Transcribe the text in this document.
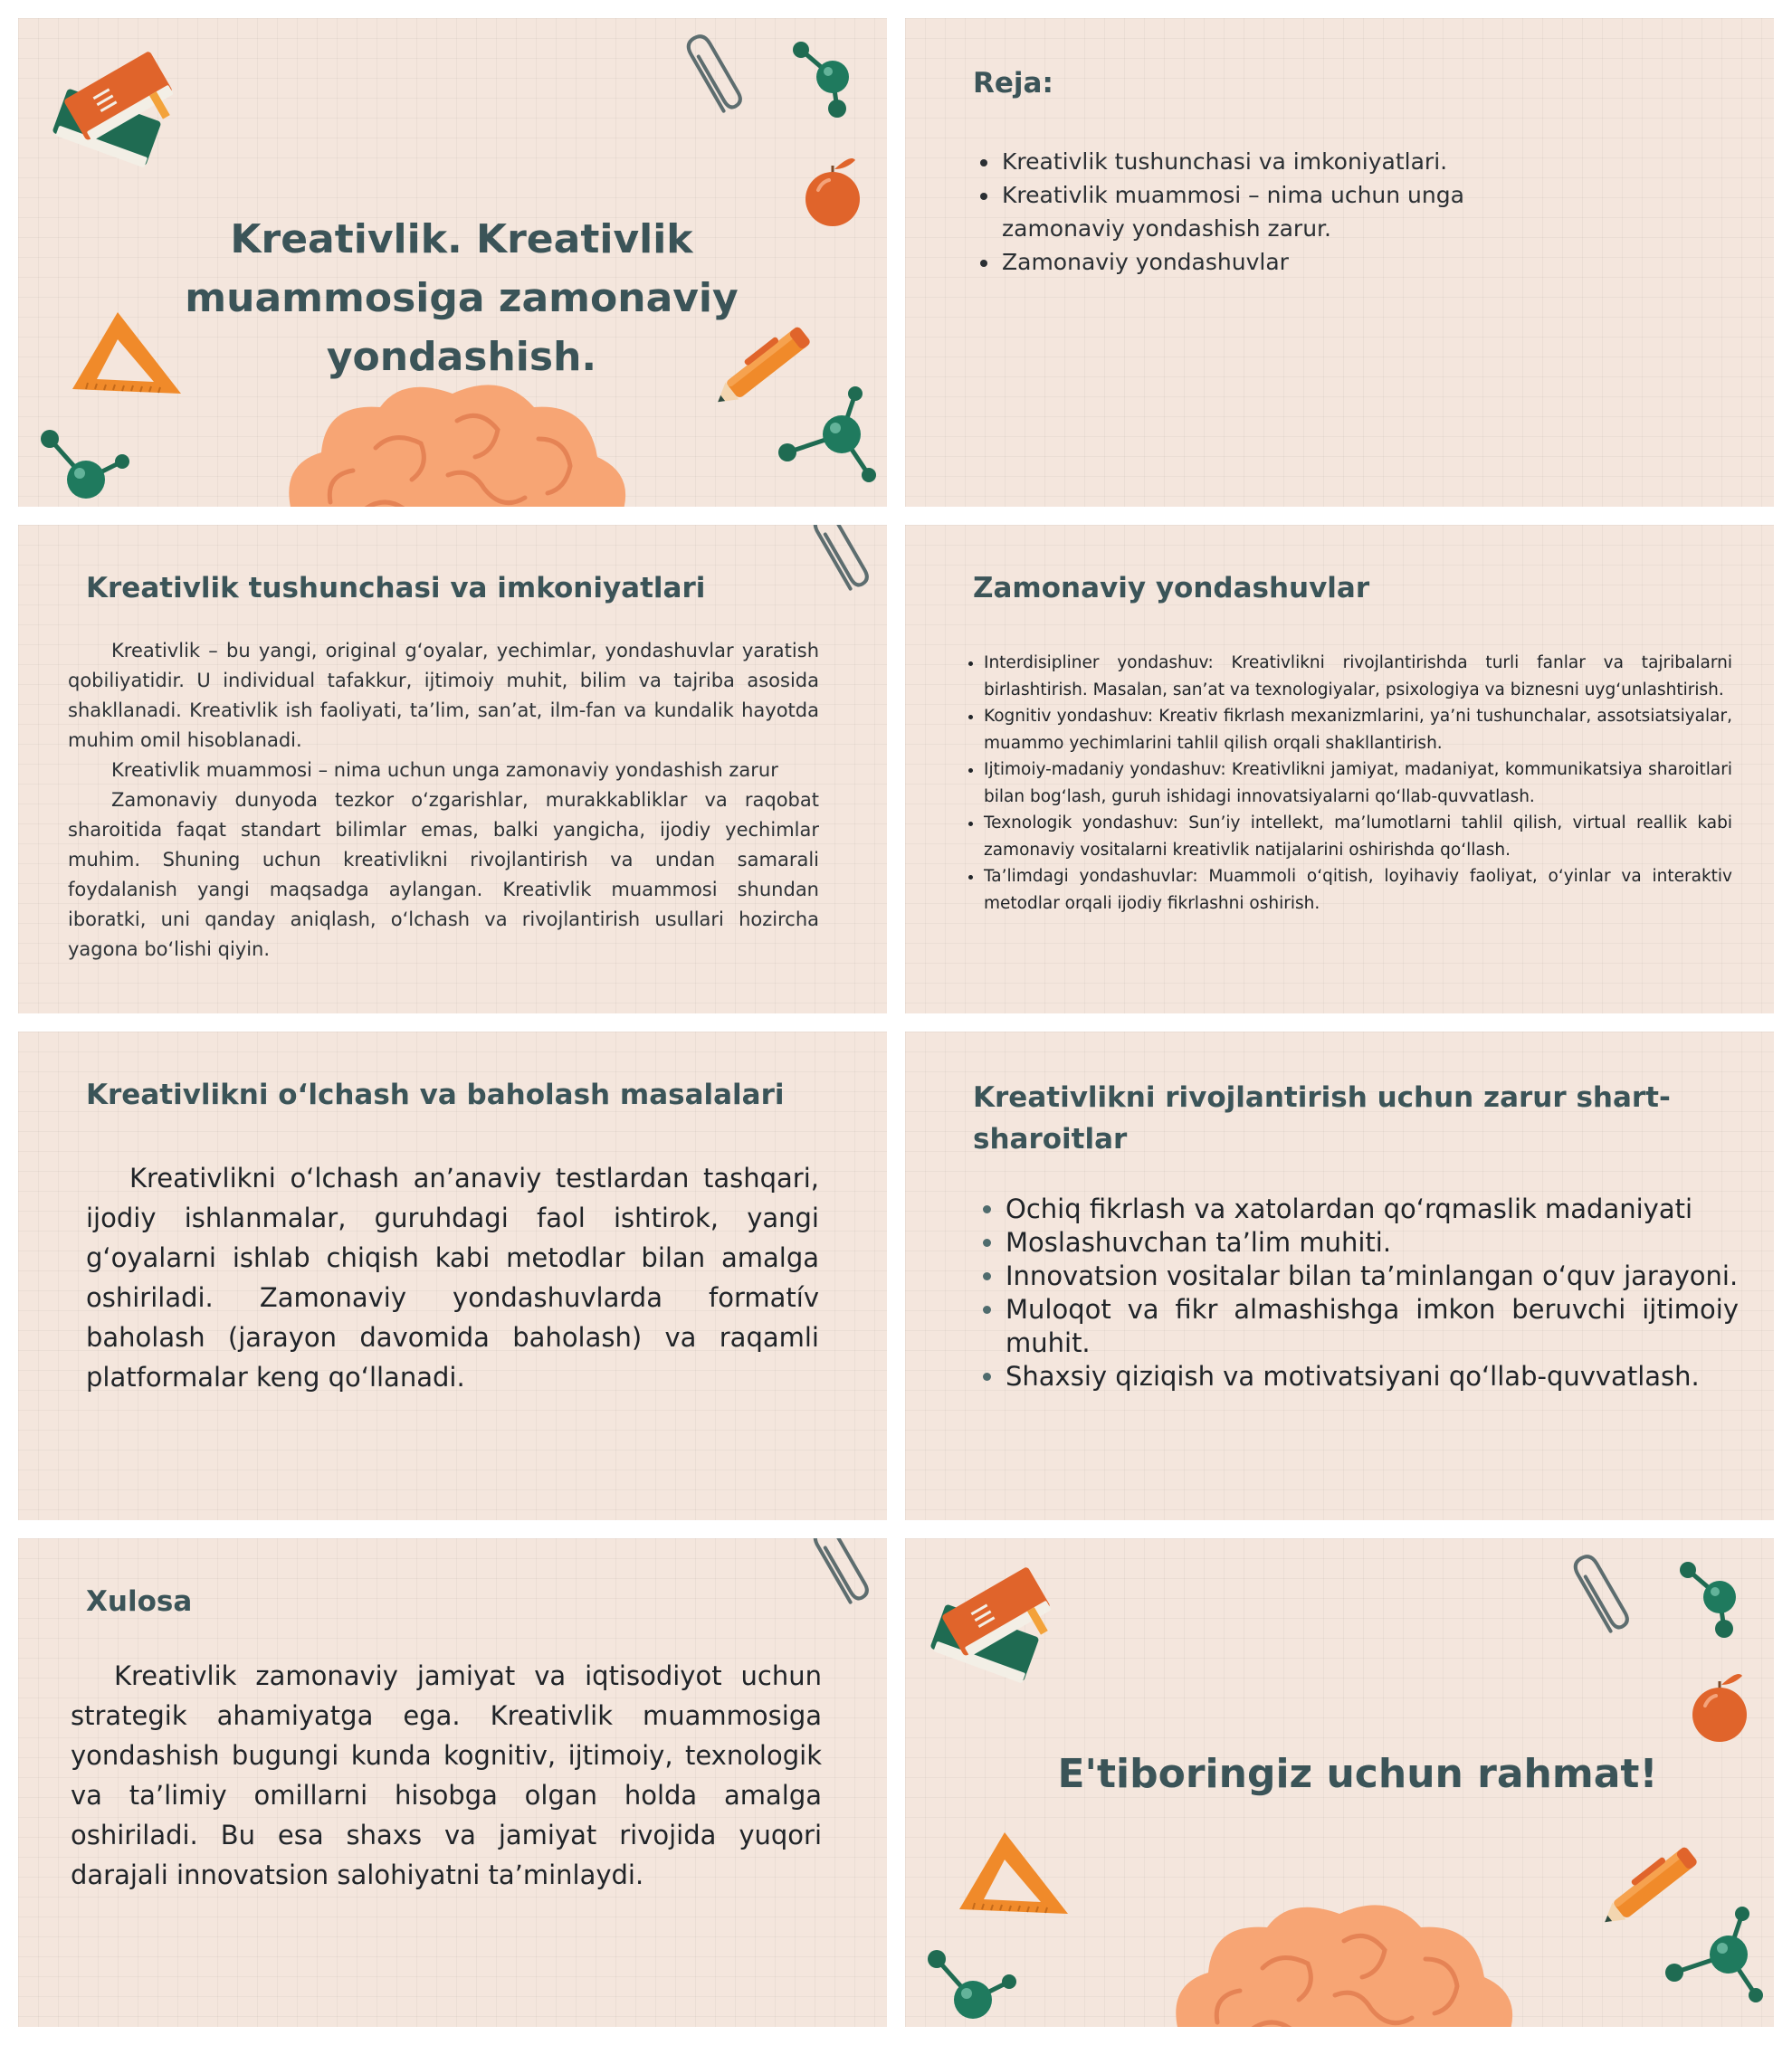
Kreativlik. Kreativlik muammosiga zamonaviy yondashish.
Reja:
• Kreativlik tushunchasi va imkoniyatlari.
• Kreativlik muammosi – nima uchun unga zamonaviy yondashish zarur.
• Zamonaviy yondashuvlar
Kreativlik tushunchasi va imkoniyatlari

Kreativlik – bu yangi, original g‘oyalar, yechimlar, yondashuvlar yaratish qobiliyatidir. U individual tafakkur, ijtimoiy muhit, bilim va tajriba asosida shakllanadi. Kreativlik ish faoliyati, ta’lim, san’at, ilm-fan va kundalik hayotda muhim omil hisoblanadi.

Kreativlik muammosi – nima uchun unga zamonaviy yondashish zarur

Zamonaviy dunyoda tezkor o‘zgarishlar, murakkabliklar va raqobat sharoitida faqat standart bilimlar emas, balki yangicha, ijodiy yechimlar muhim. Shuning uchun kreativlikni rivojlantirish va undan samarali foydalanish yangi maqsadga aylangan. Kreativlik muammosi shundan iboratki, uni qanday aniqlash, o‘lchash va rivojlantirish usullari hozircha yagona bo‘lishi qiyin.

Zamonaviy yondashuvlar
• Interdisipliner yondashuv: Kreativlikni rivojlantirishda turli fanlar va tajribalarni birlashtirish. Masalan, san’at va texnologiyalar, psixologiya va biznesni uyg‘unlashtirish.
• Kognitiv yondashuv: Kreativ fikrlash mexanizmlarini, ya’ni tushunchalar, assotsiatsiyalar, muammo yechimlarini tahlil qilish orqali shakllantirish.
• Ijtimoiy-madaniy yondashuv: Kreativlikni jamiyat, madaniyat, kommunikatsiya sharoitlari bilan bog‘lash, guruh ishidagi innovatsiyalarni qo‘llab-quvvatlash.
• Texnologik yondashuv: Sun’iy intellekt, ma’lumotlarni tahlil qilish, virtual reallik kabi zamonaviy vositalarni kreativlik natijalarini oshirishda qo‘llash.
• Ta’limdagi yondashuvlar: Muammoli o‘qitish, loyihaviy faoliyat, o‘yinlar va interaktiv metodlar orqali ijodiy fikrlashni oshirish.
Kreativlikni o‘lchash va baholash masalalari

Kreativlikni o‘lchash an’anaviy testlardan tashqari, ijodiy ishlanmalar, guruhdagi faol ishtirok, yangi g‘oyalarni ishlab chiqish kabi metodlar bilan amalga oshiriladi. Zamonaviy yondashuvlarda formatív baholash (jarayon davomida baholash) va raqamli platformalar keng qo‘llanadi.

Kreativlikni rivojlantirish uchun zarur shart-sharoitlar
• Ochiq fikrlash va xatolardan qo‘rqmaslik madaniyati
• Moslashuvchan ta’lim muhiti.
• Innovatsion vositalar bilan ta’minlangan o‘quv jarayoni.
• Muloqot va fikr almashishga imkon beruvchi ijtimoiy muhit.
• Shaxsiy qiziqish va motivatsiyani qo‘llab-quvvatlash.
Xulosa

Kreativlik zamonaviy jamiyat va iqtisodiyot uchun strategik ahamiyatga ega. Kreativlik muammosiga yondashish bugungi kunda kognitiv, ijtimoiy, texnologik va ta’limiy omillarni hisobga olgan holda amalga oshiriladi. Bu esa shaxs va jamiyat rivojida yuqori darajali innovatsion salohiyatni ta’minlaydi.

E'tiboringiz uchun rahmat!
